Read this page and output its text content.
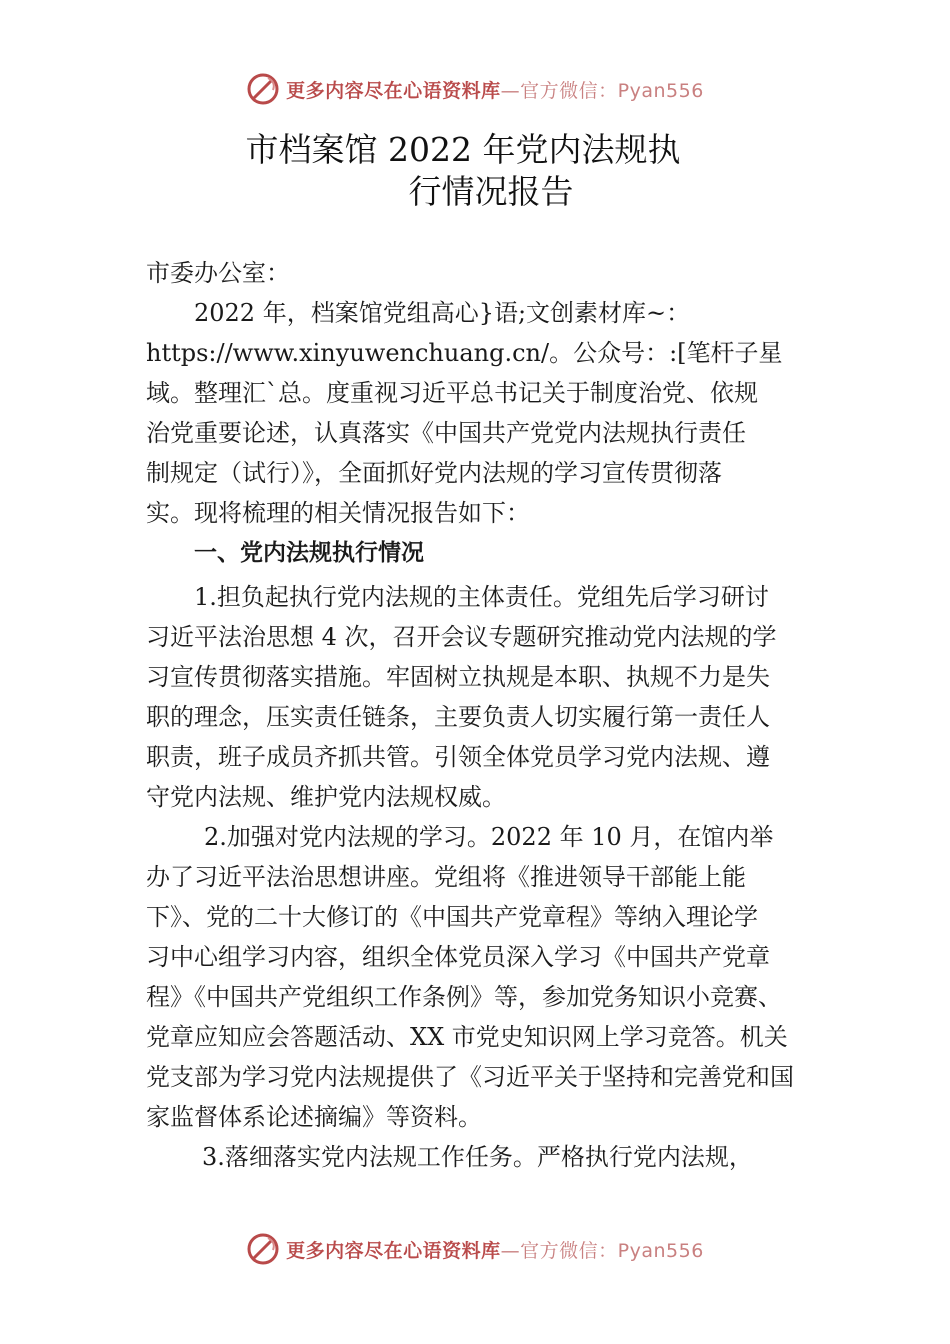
更多内容尽在心语资料库—官方微信：Pyan556
市档案馆 2022 年党内法规执
行情况报告
市委办公室：
2022 年，档案馆党组高心}语;文创素材库~：
https://www.xinyuwenchuang.cn/。公众号：:[笔杆子星
域。整理汇`总。度重视习近平总书记关于制度治党、依规
治党重要论述，认真落实《中国共产党党内法规执行责任
制规定（试行）》，全面抓好党内法规的学习宣传贯彻落
实。现将梳理的相关情况报告如下：
一、党内法规执行情况
1.担负起执行党内法规的主体责任。党组先后学习研讨
习近平法治思想 4 次，召开会议专题研究推动党内法规的学
习宣传贯彻落实措施。牢固树立执规是本职、执规不力是失
职的理念，压实责任链条，主要负责人切实履行第一责任人
职责，班子成员齐抓共管。引领全体党员学习党内法规、遵
守党内法规、维护党内法规权威。
2.加强对党内法规的学习。2022 年 10 月，在馆内举
办了习近平法治思想讲座。党组将《推进领导干部能上能
下》、党的二十大修订的《中国共产党章程》等纳入理论学
习中心组学习内容，组织全体党员深入学习《中国共产党章
程》《中国共产党组织工作条例》等，参加党务知识小竞赛、
党章应知应会答题活动、XX 市党史知识网上学习竞答。机关
党支部为学习党内法规提供了《习近平关于坚持和完善党和国
家监督体系论述摘编》等资料。
3.落细落实党内法规工作任务。严格执行党内法规，
更多内容尽在心语资料库—官方微信：Pyan556
